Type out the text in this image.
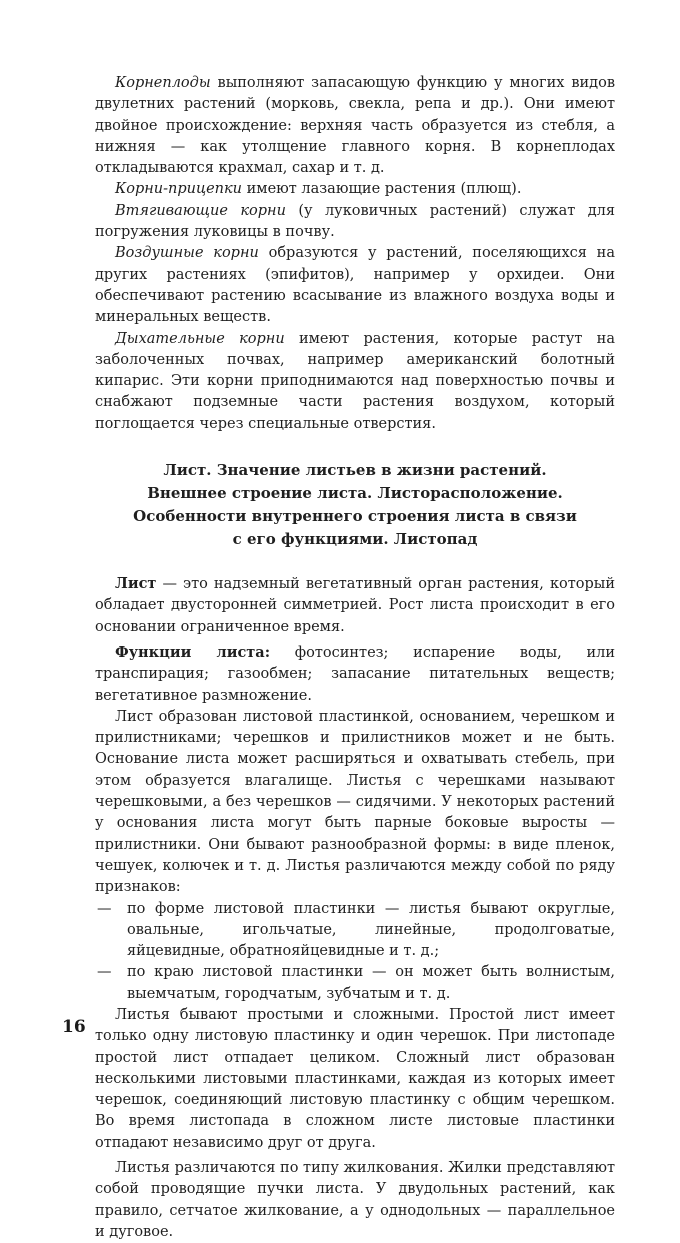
Корнеплоды выполняют запасающую функцию у многих видов двулетних растений (морковь, свекла, репа и др.). Они имеют двойное происхождение: верхняя часть образуется из стебля, а нижняя — как утолщение главного корня. В корнеплодах откладываются крахмал, сахар и т. д.

Корни-прицепки имеют лазающие растения (плющ).

Втягивающие корни (у луковичных растений) служат для погружения луковицы в почву.

Воздушные корни образуются у растений, поселяющихся на других растениях (эпифитов), например у орхидеи. Они обеспечивают растению всасывание из влажного воздуха воды и минеральных веществ.

Дыхательные корни имеют растения, которые растут на заболоченных почвах, например американский болотный кипарис. Эти корни приподнимаются над поверхностью почвы и снабжают подземные части растения воздухом, который поглощается через специальные отверстия.

Лист. Значение листьев в жизни растений.
Внешнее строение листа. Листорасположение.
Особенности внутреннего строения листа в связи
с его функциями. Листопад

Лист — это надземный вегетативный орган растения, который обладает двусторонней симметрией. Рост листа происходит в его основании ограниченное время.

Функции листа: фотосинтез; испарение воды, или транспирация; газообмен; запасание питательных веществ; вегетативное размножение.

Лист образован листовой пластинкой, основанием, черешком и прилистниками; черешков и прилистников может и не быть. Основание листа может расширяться и охватывать стебель, при этом образуется влагалище. Листья с черешками называют черешковыми, а без черешков — сидячими. У некоторых растений у основания листа могут быть парные боковые выросты — прилистники. Они бывают разнообразной формы: в виде пленок, чешуек, колючек и т. д. Листья различаются между собой по ряду признаков:

— по форме листовой пластинки — листья бывают округлые, овальные, игольчатые, линейные, продолговатые, яйцевидные, обратнояйцевидные и т. д.;
— по краю листовой пластинки — он может быть волнистым, выемчатым, городчатым, зубчатым и т. д.

Листья бывают простыми и сложными. Простой лист имеет только одну листовую пластинку и один черешок. При листопаде простой лист отпадает целиком. Сложный лист образован несколькими листовыми пластинками, каждая из которых имеет черешок, соединяющий листовую пластинку с общим черешком. Во время листопада в сложном листе листовые пластинки отпадают независимо друг от друга.

Листья различаются по типу жилкования. Жилки представляют собой проводящие пучки листа. У двудольных растений, как правило, сетчатое жилкование, а у однодольных — параллельное и дуговое.

16
